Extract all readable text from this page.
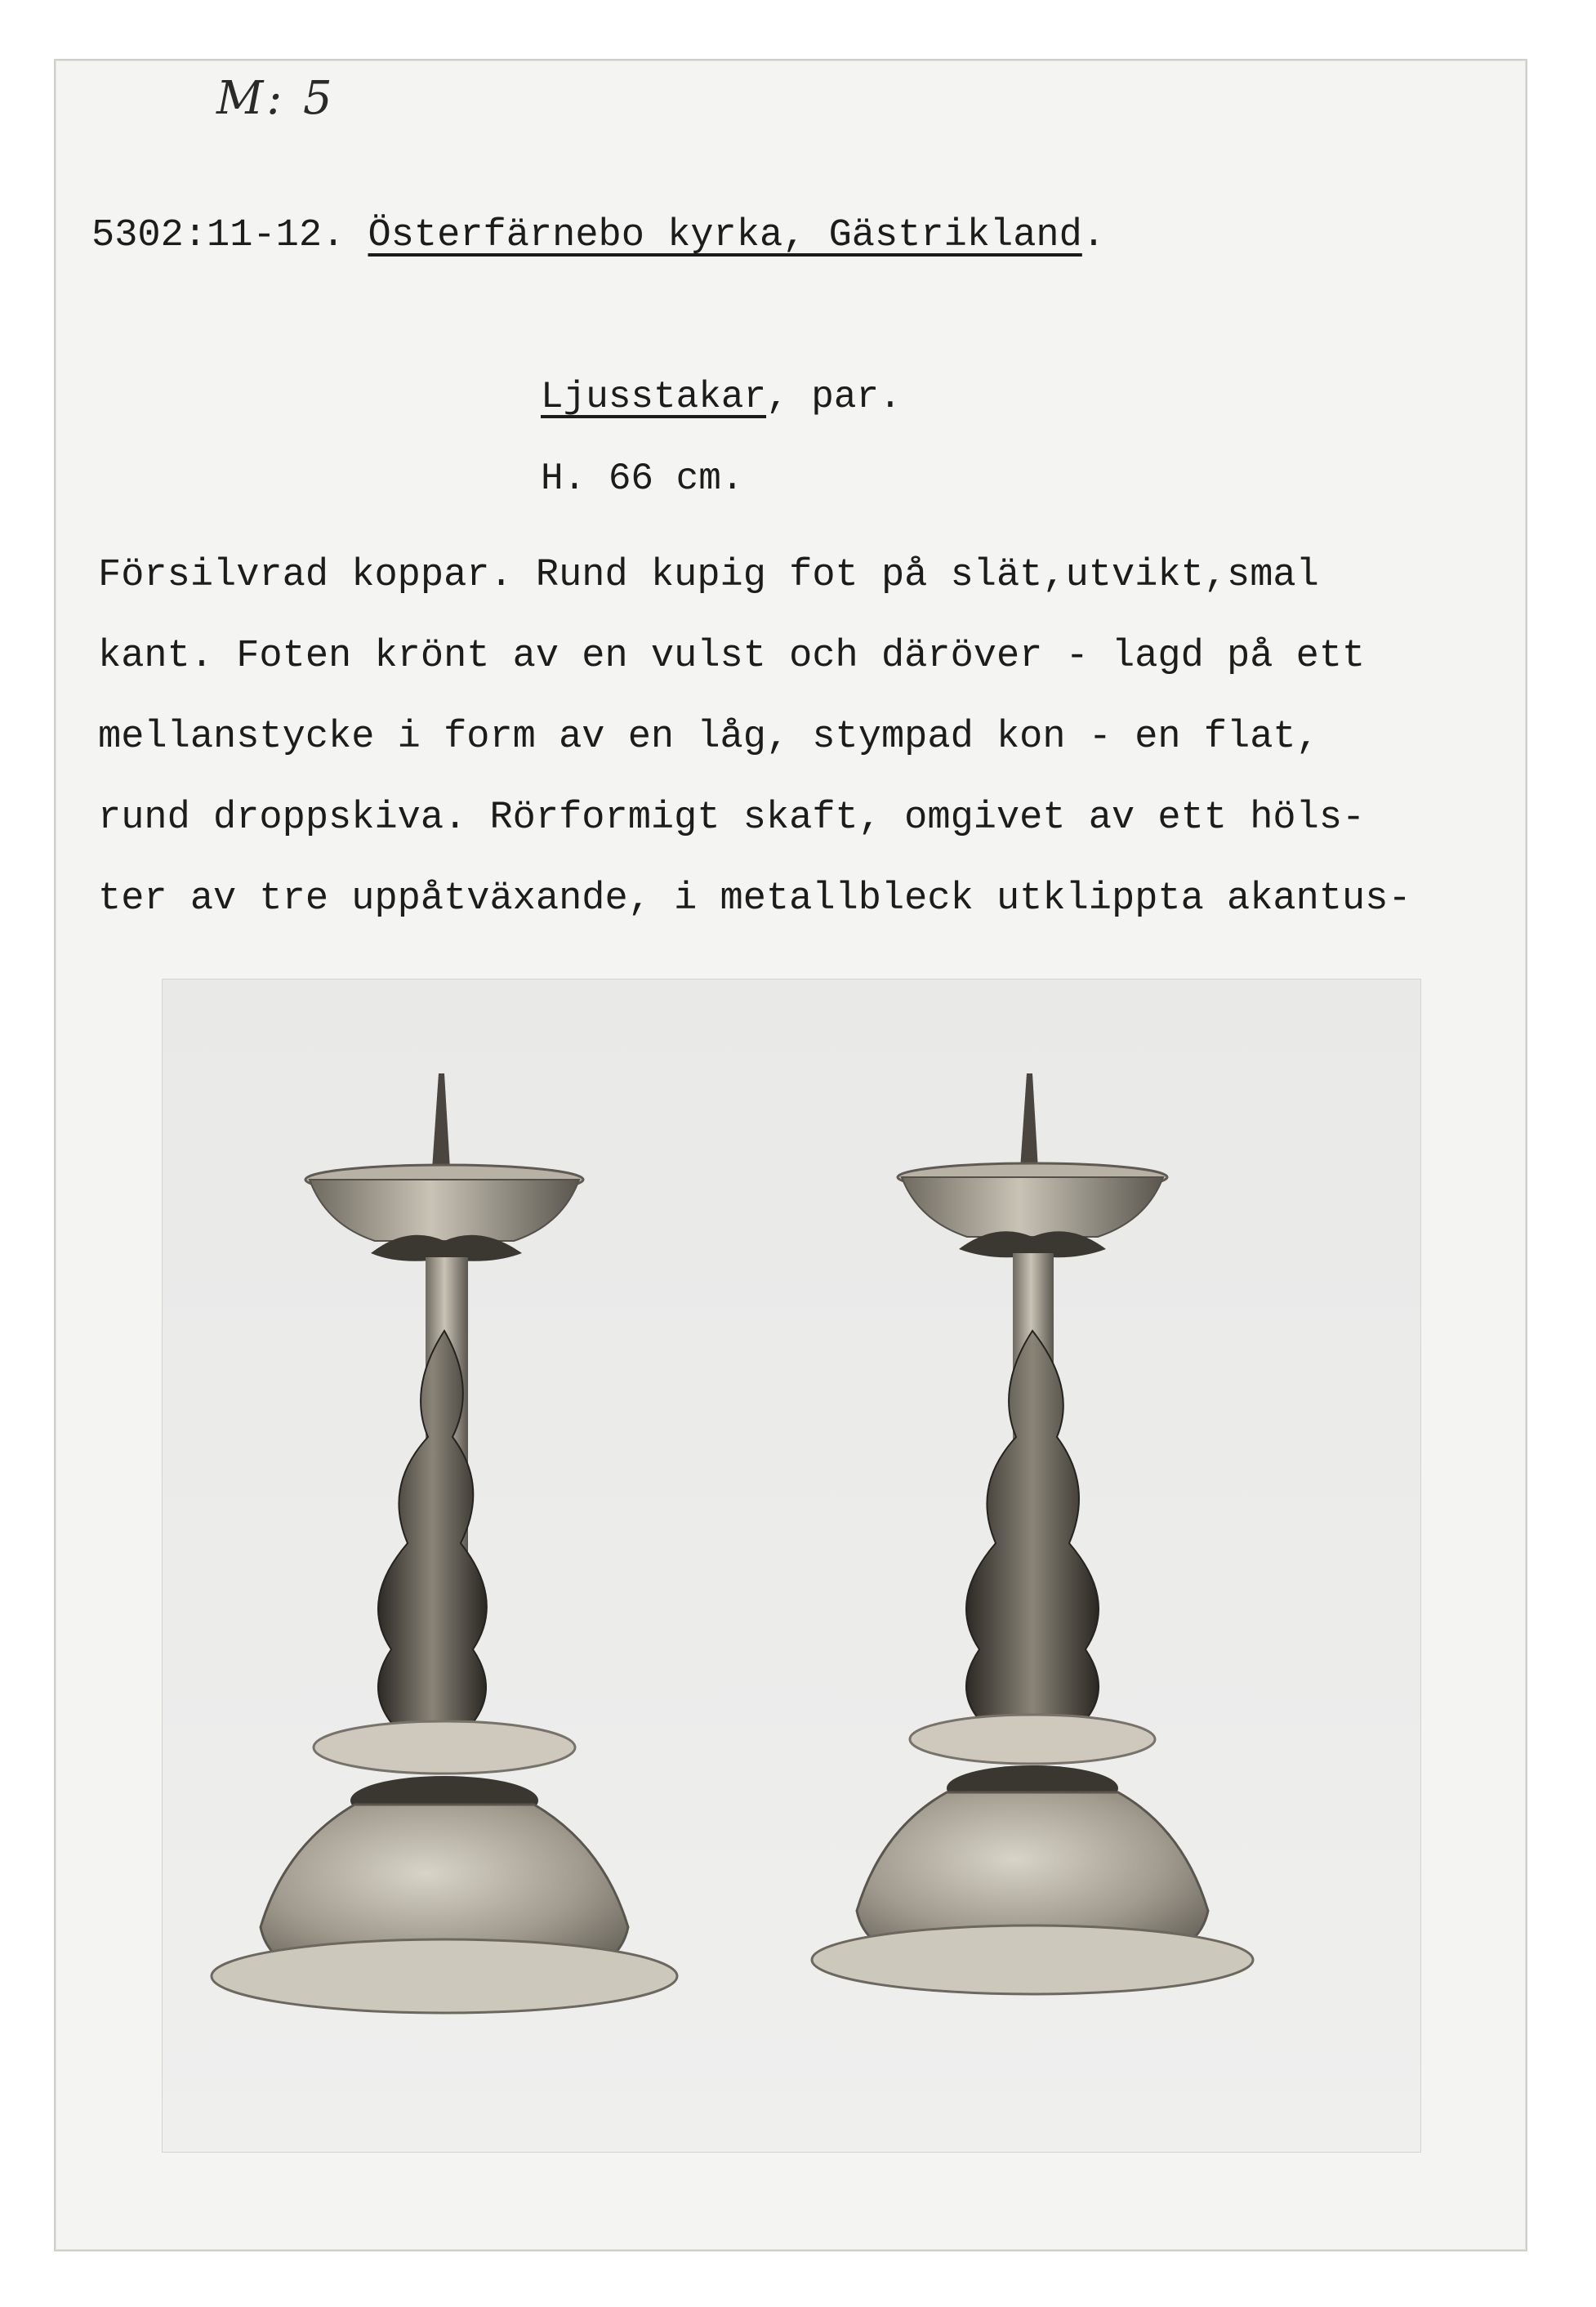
M: 5
5302:11-12. Österfärnebo kyrka, Gästrikland.
Ljusstakar, par.
H. 66 cm.

Försilvrad koppar. Rund kupig fot på slät,utvikt,smal

kant. Foten krönt av en vulst och däröver - lagd på ett

mellanstycke i form av en låg, stympad kon - en flat,

rund droppskiva. Rörformigt skaft, omgivet av ett höls-

ter av tre uppåtväxande, i metallbleck utklippta akantus-
